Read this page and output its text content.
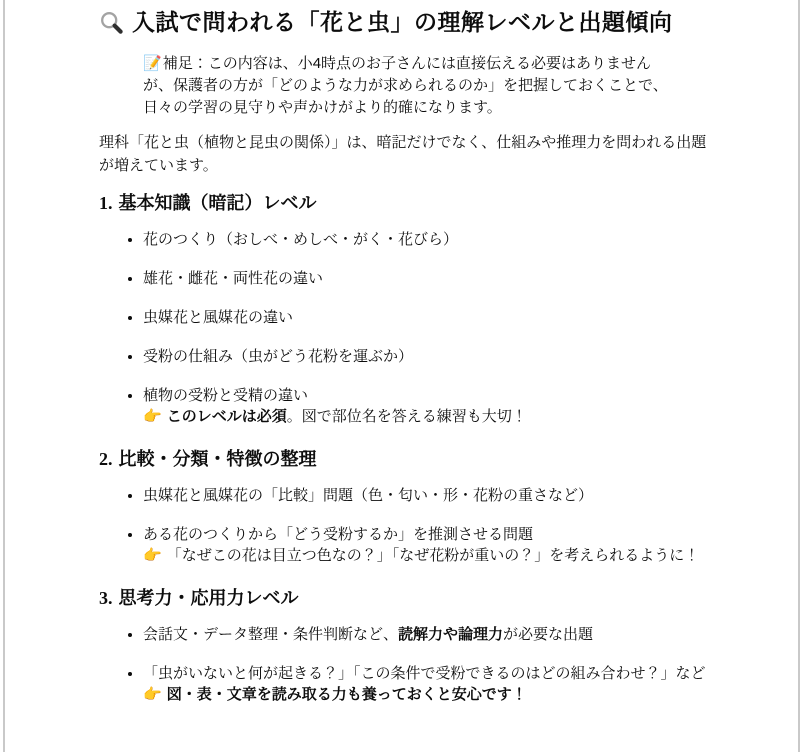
入試で問われる「花と虫」の理解レベルと出題傾向
📝補足：この内容は、小4時点のお子さんには直接伝える必要はありません
が、保護者の方が「どのような力が求められるのか」を把握しておくことで、
日々の学習の見守りや声かけがより的確になります。

理科「花と虫（植物と昆虫の関係）」は、暗記だけでなく、仕組みや推理力を問われる出題が増えています。

1. 基本知識（暗記）レベル
• 花のつくり（おしべ・めしべ・がく・花びら）
• 雄花・雌花・両性花の違い
• 虫媒花と風媒花の違い
• 受粉の仕組み（虫がどう花粉を運ぶか）
• 植物の受粉と受精の違い
👉 このレベルは必須。図で部位名を答える練習も大切！
2. 比較・分類・特徴の整理
• 虫媒花と風媒花の「比較」問題（色・匂い・形・花粉の重さなど）
• ある花のつくりから「どう受粉するか」を推測させる問題
👉 「なぜこの花は目立つ色なの？」「なぜ花粉が重いの？」を考えられるように！
3. 思考力・応用力レベル
• 会話文・データ整理・条件判断など、読解力や論理力が必要な出題
• 「虫がいないと何が起きる？」「この条件で受粉できるのはどの組み合わせ？」など
👉 図・表・文章を読み取る力も養っておくと安心です！
